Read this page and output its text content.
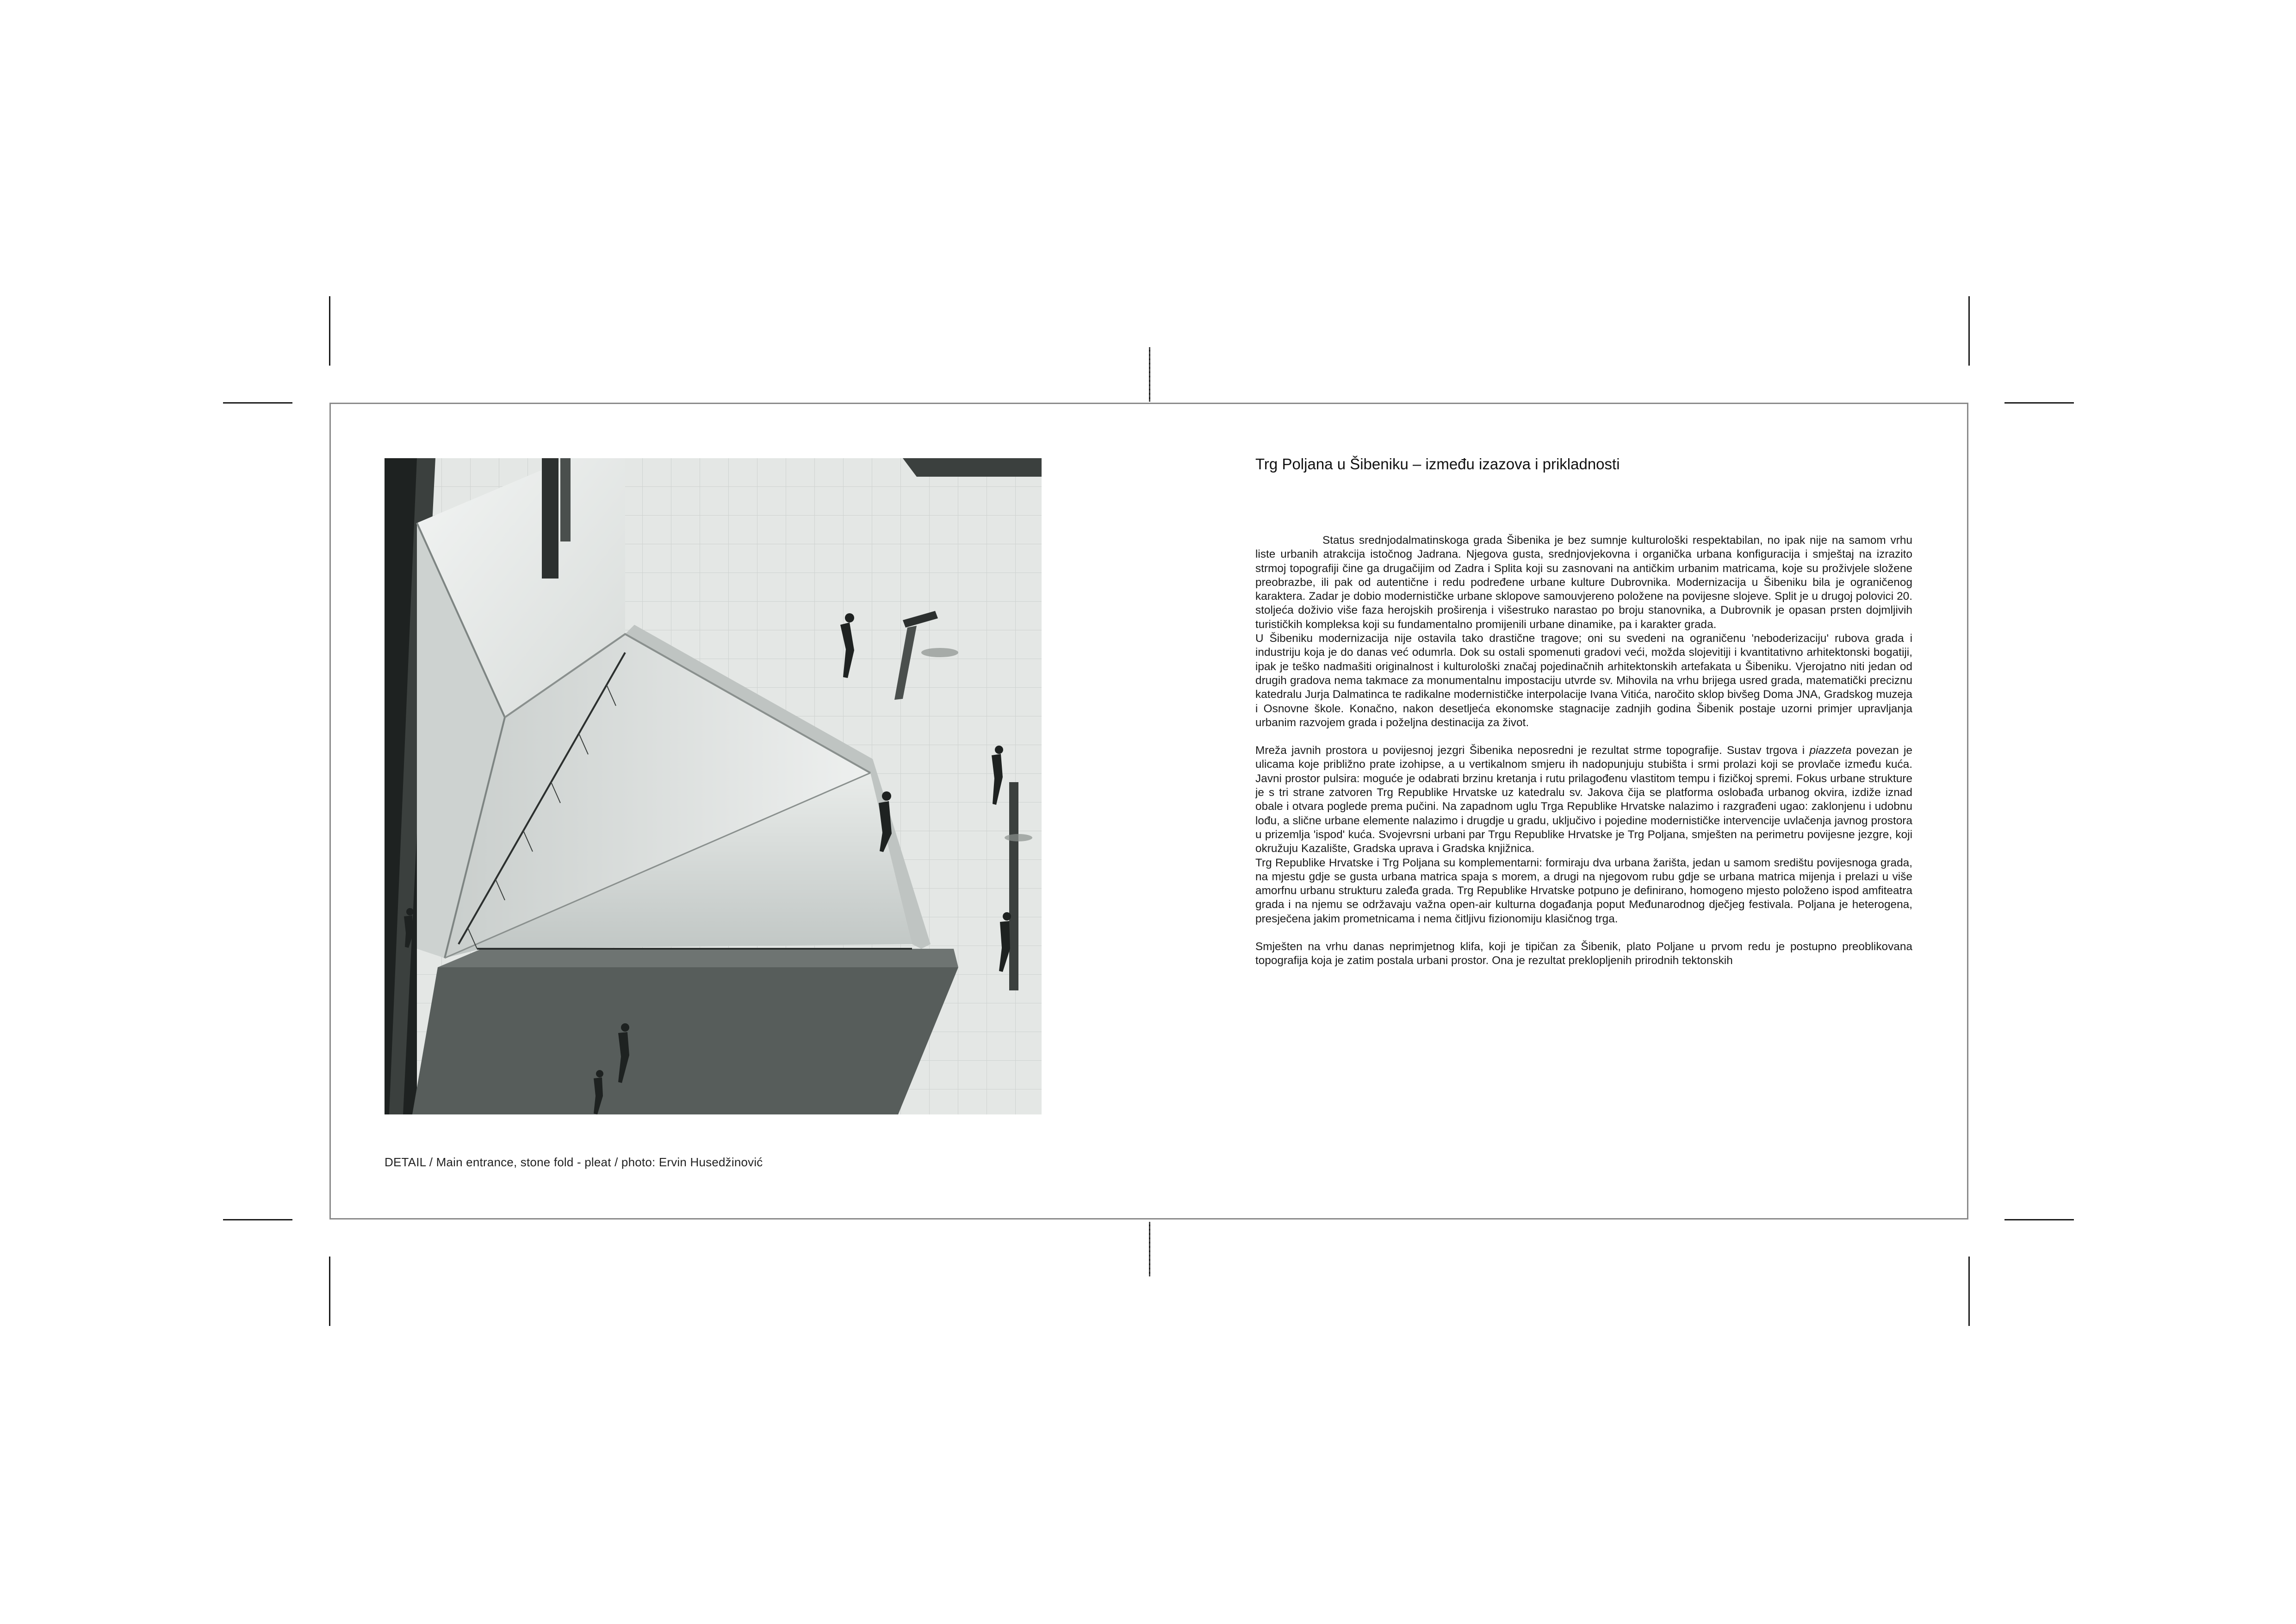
DETAIL / Main entrance, stone fold - pleat / photo: Ervin Husedžinović
Trg Poljana u Šibeniku – između izazova i prikladnosti

Status srednjodalmatinskoga grada Šibenika je bez sumnje kulturološki respektabilan, no ipak nije na samom vrhu liste urbanih atrakcija istočnog Jadrana. Njegova gusta, srednjovjekovna i organička urbana konfiguracija i smještaj na izrazito strmoj topografiji čine ga drugačijim od Zadra i Splita koji su zasnovani na antičkim urbanim matricama, koje su proživjele složene preobrazbe, ili pak od autentične i redu podređene urbane kulture Dubrovnika. Modernizacija u Šibeniku bila je ograničenog karaktera. Zadar je dobio modernističke urbane sklopove samouvjereno položene na povijesne slojeve. Split je u drugoj polovici 20. stoljeća doživio više faza herojskih proširenja i višestruko narastao po broju stanovnika, a Dubrovnik je opasan prsten dojmljivih turističkih kompleksa koji su fundamentalno promijenili urbane dinamike, pa i karakter grada.

U Šibeniku modernizacija nije ostavila tako drastične tragove; oni su svedeni na ograničenu 'neboderizaciju' rubova grada i industriju koja je do danas već odumrla. Dok su ostali spomenuti gradovi veći, možda slojevitiji i kvantitativno arhitektonski bogatiji, ipak je teško nadmašiti originalnost i kulturološki značaj pojedinačnih arhitektonskih artefakata u Šibeniku. Vjerojatno niti jedan od drugih gradova nema takmace za monumentalnu impostaciju utvrde sv. Mihovila na vrhu brijega usred grada, matematički preciznu katedralu Jurja Dalmatinca te radikalne modernističke interpolacije Ivana Vitića, naročito sklop bivšeg Doma JNA, Gradskog muzeja i Osnovne škole. Konačno, nakon desetljeća ekonomske stagnacije zadnjih godina Šibenik postaje uzorni primjer upravljanja urbanim razvojem grada i poželjna destinacija za život.

Mreža javnih prostora u povijesnoj jezgri Šibenika neposredni je rezultat strme topografije. Sustav trgova i piazzeta povezan je ulicama koje približno prate izohipse, a u vertikalnom smjeru ih nadopunjuju stubišta i srmi prolazi koji se provlače između kuća. Javni prostor pulsira: moguće je odabrati brzinu kretanja i rutu prilagođenu vlastitom tempu i fizičkoj spremi. Fokus urbane strukture je s tri strane zatvoren Trg Republike Hrvatske uz katedralu sv. Jakova čija se platforma oslobađa urbanog okvira, izdiže iznad obale i otvara poglede prema pučini. Na zapadnom uglu Trga Republike Hrvatske nalazimo i razgrađeni ugao: zaklonjenu i udobnu lođu, a slične urbane elemente nalazimo i drugdje u gradu, uključivo i pojedine modernističke intervencije uvlačenja javnog prostora u prizemlja 'ispod' kuća. Svojevrsni urbani par Trgu Republike Hrvatske je Trg Poljana, smješten na perimetru povijesne jezgre, koji okružuju Kazalište, Gradska uprava i Gradska knjižnica.

Trg Republike Hrvatske i Trg Poljana su komplementarni: formiraju dva urbana žarišta, jedan u samom središtu povijesnoga grada, na mjestu gdje se gusta urbana matrica spaja s morem, a drugi na njegovom rubu gdje se urbana matrica mijenja i prelazi u više amorfnu urbanu strukturu zaleđa grada. Trg Republike Hrvatske potpuno je definirano, homogeno mjesto položeno ispod amfiteatra grada i na njemu se održavaju važna open-air kulturna događanja poput Međunarodnog dječjeg festivala. Poljana je heterogena, presječena jakim prometnicama i nema čitljivu fizionomiju klasičnog trga.

Smješten na vrhu danas neprimjetnog klifa, koji je tipičan za Šibenik, plato Poljane u prvom redu je postupno preoblikovana topografija koja je zatim postala urbani prostor. Ona je rezultat preklopljenih prirodnih tektonskih
